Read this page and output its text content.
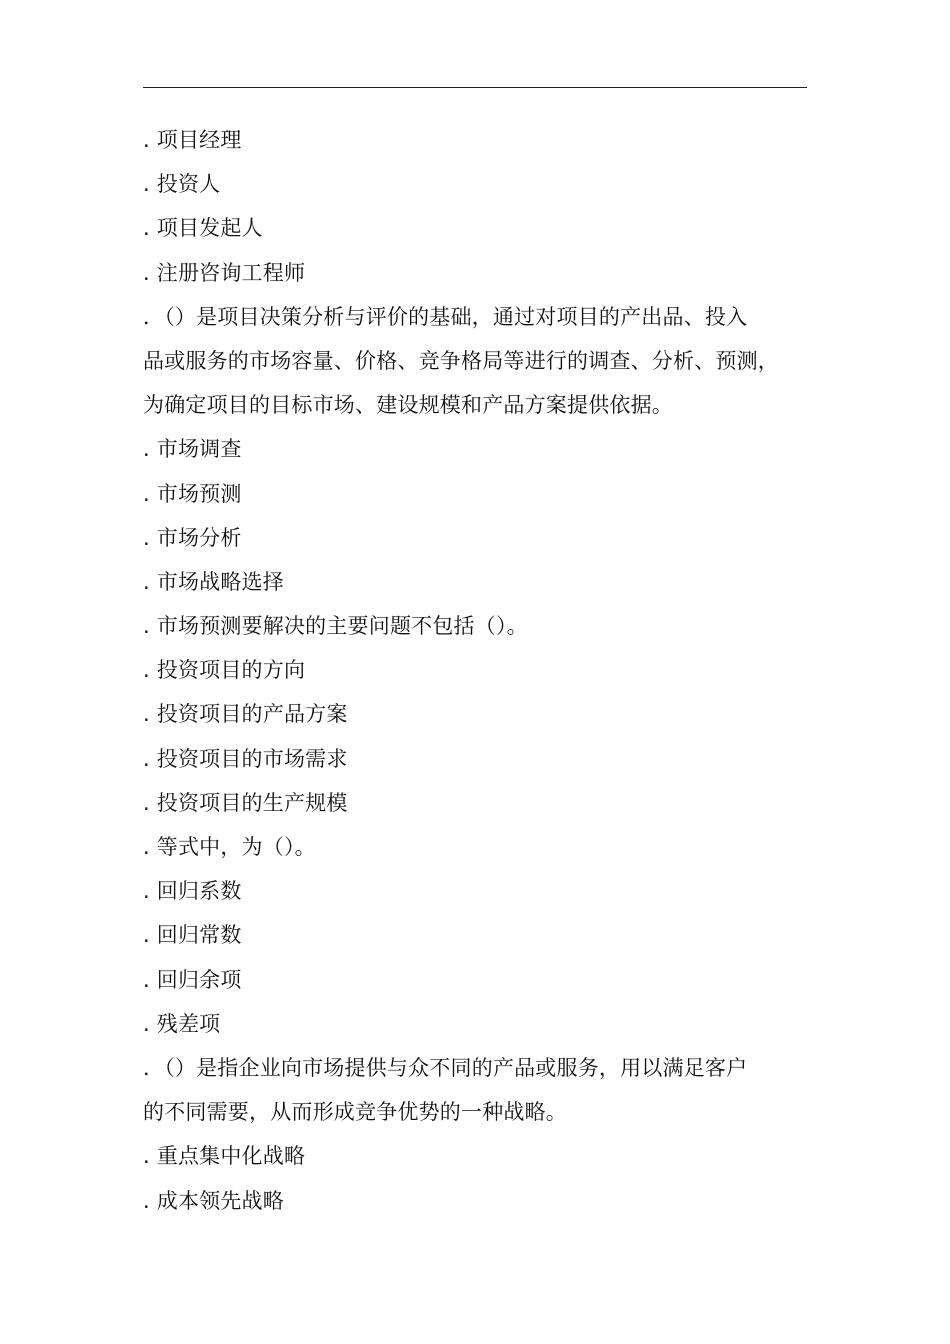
. 项目经理
. 投资人
. 项目发起人
. 注册咨询工程师
．（）是项目决策分析与评价的基础，通过对项目的产出品、投入
品或服务的市场容量、价格、竞争格局等进行的调查、分析、预测，
为确定项目的目标市场、建设规模和产品方案提供依据。
. 市场调查
. 市场预测
. 市场分析
. 市场战略选择
. 市场预测要解决的主要问题不包括（）。
. 投资项目的方向
. 投资项目的产品方案
. 投资项目的市场需求
. 投资项目的生产规模
. 等式中，为（）。
. 回归系数
. 回归常数
. 回归余项
. 残差项
．（）是指企业向市场提供与众不同的产品或服务，用以满足客户
的不同需要，从而形成竞争优势的一种战略。
. 重点集中化战略
. 成本领先战略
